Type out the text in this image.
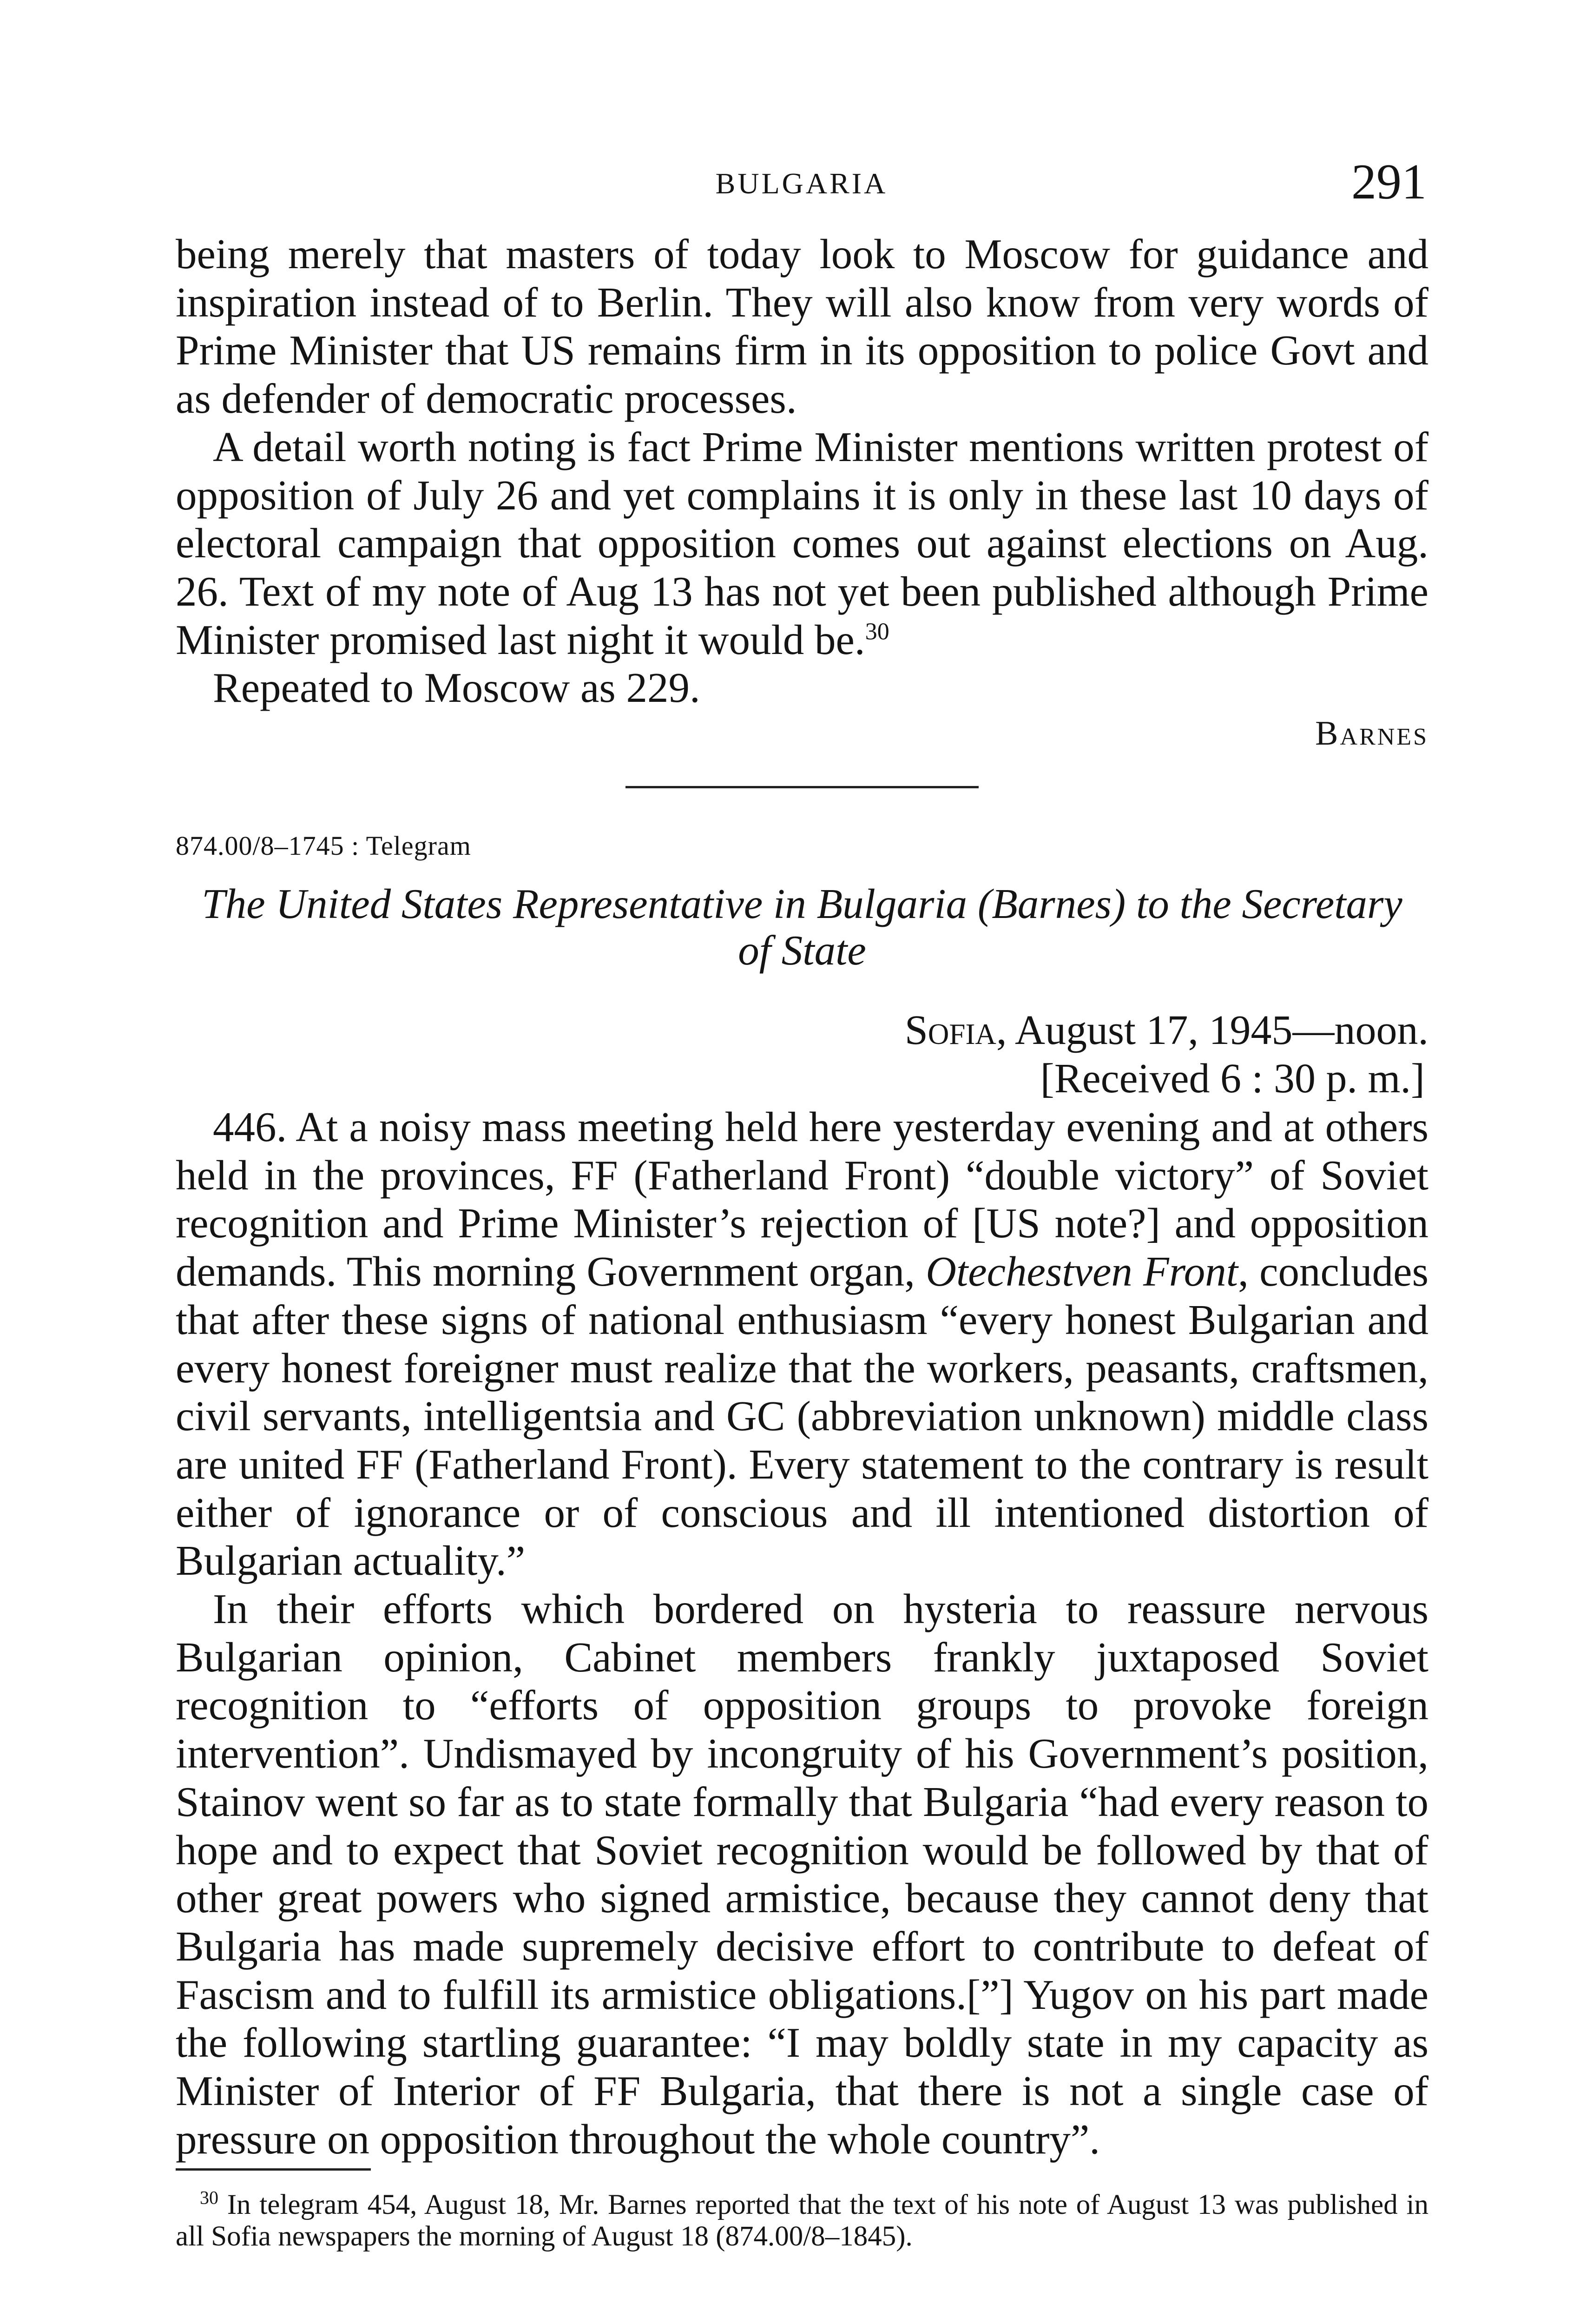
BULGARIA	291

being merely that masters of today look to Moscow for guidance and inspiration instead of to Berlin. They will also know from very words of Prime Minister that US remains firm in its opposition to police Govt and as defender of democratic processes.

A detail worth noting is fact Prime Minister mentions written protest of opposition of July 26 and yet complains it is only in these last 10 days of electoral campaign that opposition comes out against elections on Aug. 26. Text of my note of Aug 13 has not yet been published although Prime Minister promised last night it would be.$^{30}$

Repeated to Moscow as 229.

Barnes

874.00/8–1745 : Telegram

The United States Representative in Bulgaria (Barnes) to the Secretary of State

Sofia, August 17, 1945—noon.

[Received 6 : 30 p. m.]

446. At a noisy mass meeting held here yesterday evening and at others held in the provinces, FF (Fatherland Front) “double victory” of Soviet recognition and Prime Minister’s rejection of [US note?] and opposition demands. This morning Government organ, Otechestven Front, concludes that after these signs of national enthusiasm “every honest Bulgarian and every honest foreigner must realize that the workers, peasants, craftsmen, civil servants, intelligentsia and GC (abbreviation unknown) middle class are united FF (Fatherland Front). Every statement to the contrary is result either of ignorance or of conscious and ill intentioned distortion of Bulgarian actuality.”

In their efforts which bordered on hysteria to reassure nervous Bulgarian opinion, Cabinet members frankly juxtaposed Soviet recognition to “efforts of opposition groups to provoke foreign intervention”. Undismayed by incongruity of his Government’s position, Stainov went so far as to state formally that Bulgaria “had every reason to hope and to expect that Soviet recognition would be followed by that of other great powers who signed armistice, because they cannot deny that Bulgaria has made supremely decisive effort to contribute to defeat of Fascism and to fulfill its armistice obligations.[”] Yugov on his part made the following startling guarantee: “I may boldly state in my capacity as Minister of Interior of FF Bulgaria, that there is not a single case of pressure on opposition throughout the whole country”.

$^{30}$ In telegram 454, August 18, Mr. Barnes reported that the text of his note of August 13 was published in all Sofia newspapers the morning of August 18 (874.00/8–1845).
